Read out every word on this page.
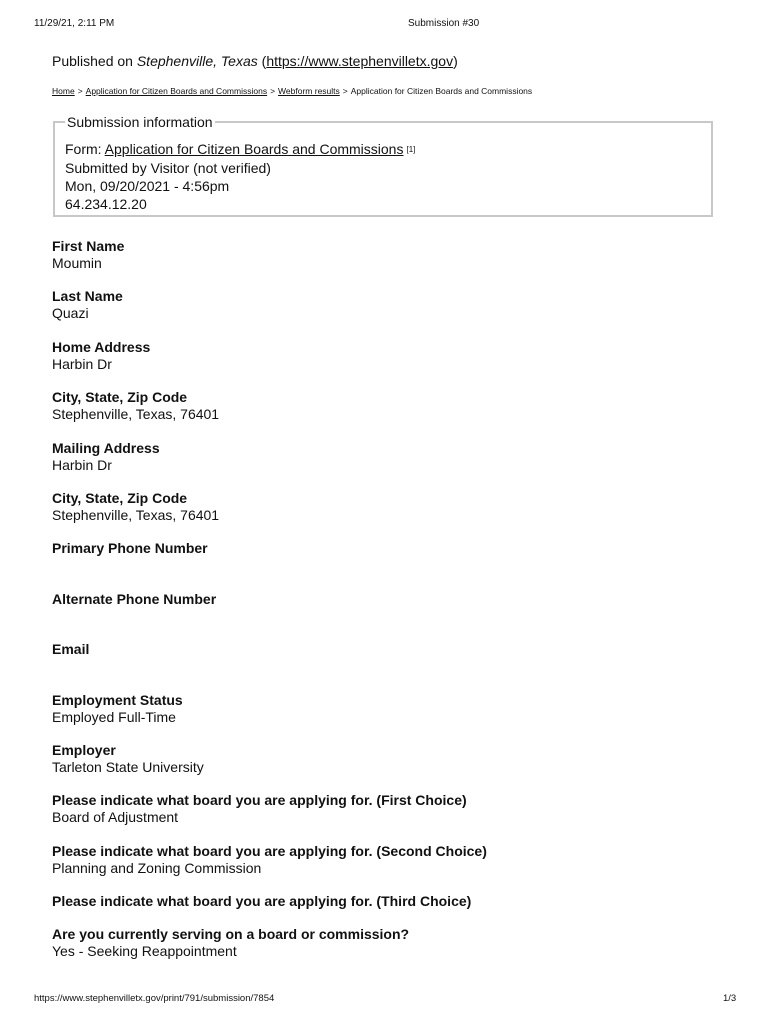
11/29/21, 2:11 PM	Submission #30
Published on Stephenville, Texas (https://www.stephenvilletx.gov)
Home > Application for Citizen Boards and Commissions > Webform results > Application for Citizen Boards and Commissions
Submission information
Form: Application for Citizen Boards and Commissions [1]
Submitted by Visitor (not verified)
Mon, 09/20/2021 - 4:56pm
64.234.12.20
First Name
Moumin
Last Name
Quazi
Home Address
Harbin Dr
City, State, Zip Code
Stephenville, Texas, 76401
Mailing Address
Harbin Dr
City, State, Zip Code
Stephenville, Texas, 76401
Primary Phone Number
Alternate Phone Number
Email
Employment Status
Employed Full-Time
Employer
Tarleton State University
Please indicate what board you are applying for. (First Choice)
Board of Adjustment
Please indicate what board you are applying for. (Second Choice)
Planning and Zoning Commission
Please indicate what board you are applying for. (Third Choice)
Are you currently serving on a board or commission?
Yes - Seeking Reappointment
https://www.stephenvilletx.gov/print/791/submission/7854	1/3
